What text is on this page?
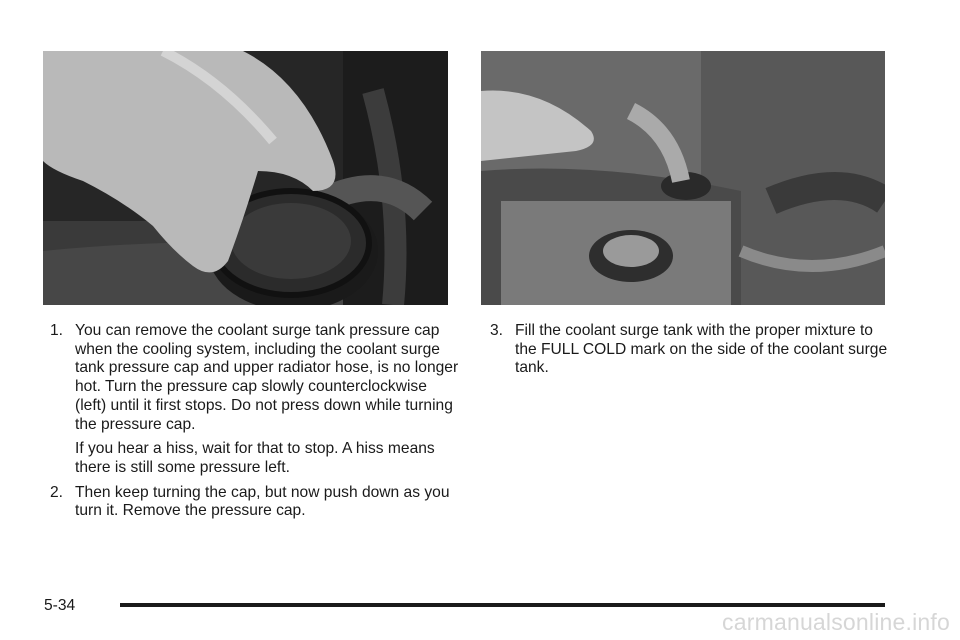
1. You can remove the coolant surge tank pressure cap when the cooling system, including the coolant surge tank pressure cap and upper radiator hose, is no longer hot. Turn the pressure cap slowly counterclockwise (left) until it first stops. Do not press down while turning the pressure cap.
If you hear a hiss, wait for that to stop. A hiss means there is still some pressure left.
2. Then keep turning the cap, but now push down as you turn it. Remove the pressure cap.
3. Fill the coolant surge tank with the proper mixture to the FULL COLD mark on the side of the coolant surge tank.
5-34
carmanualsonline.info
